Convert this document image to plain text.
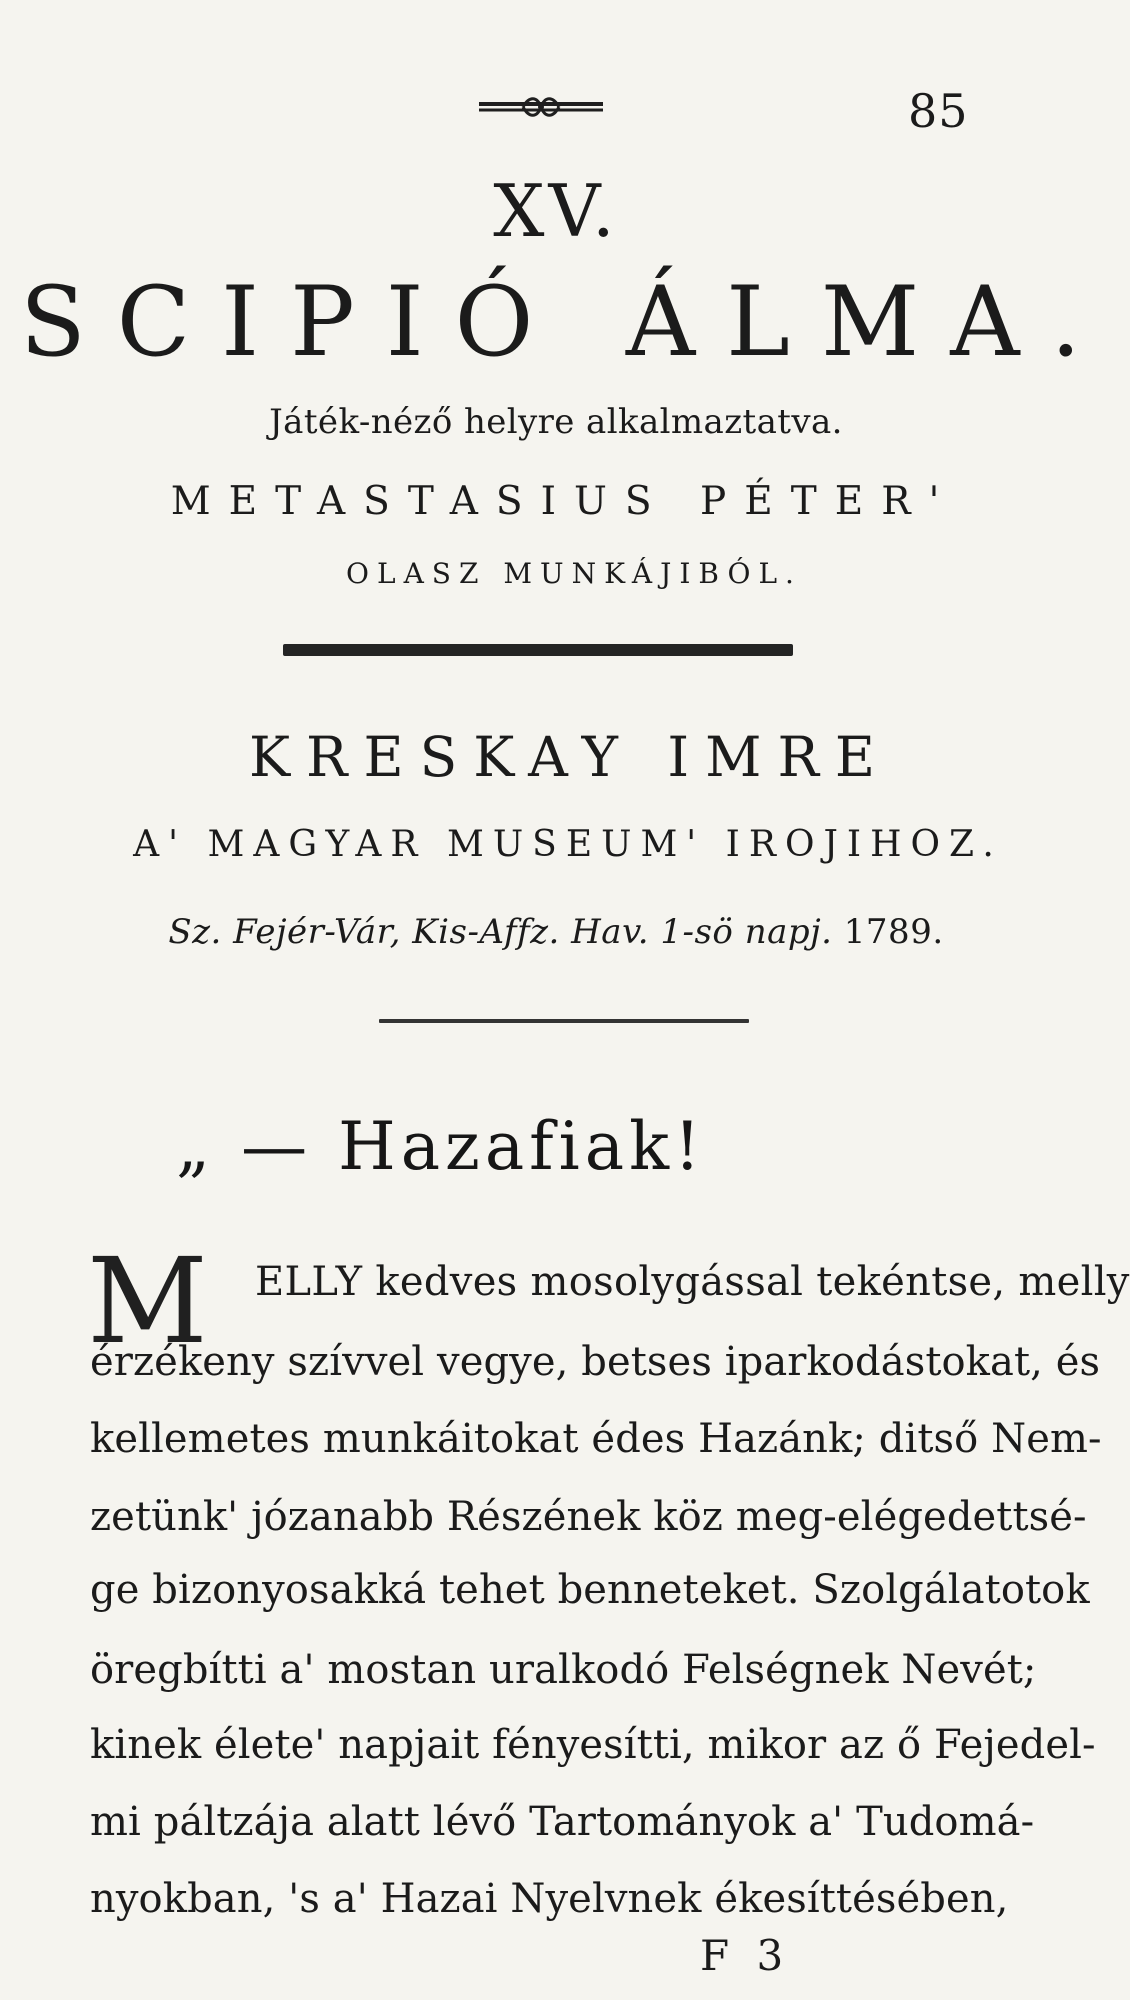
85
XV.
SCIPIÓ ÁLMA.
Játék-néző helyre alkalmaztatva.
METASTASIUS PÉTER'
OLASZ MUNKÁJIBÓL.
KRESKAY IMRE
A' MAGYAR MUSEUM' IROJIHOZ.
Sz. Fejér-Vár, Kis-Affz. Hav. 1-sö napj. 1789.
„ — Hazafiak!
M	ELLY kedves mosolygással tekéntse, melly
érzékeny szívvel vegye, betses iparkodástokat, és
kellemetes munkáitokat édes Hazánk; ditső Nem-
zetünk' józanabb Részének köz meg-elégedettsé-
ge bizonyosakká tehet benneteket. Szolgálatotok
öregbítti a' mostan uralkodó Felségnek Nevét;
kinek élete' napjait fényesítti, mikor az ő Fejedel-
mi páltzája alatt lévő Tartományok a' Tudomá-
nyokban, 's a' Hazai Nyelvnek ékesíttésében,
F 3
